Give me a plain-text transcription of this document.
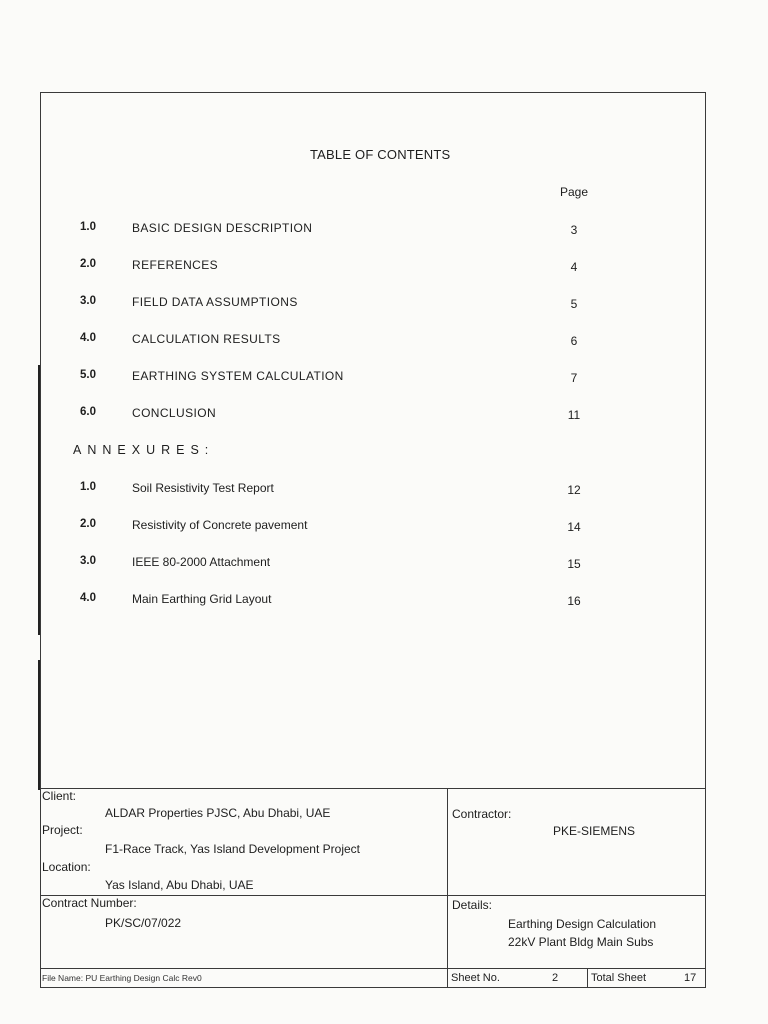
TABLE OF CONTENTS
Page
1.0	BASIC DESIGN DESCRIPTION	3
2.0	REFERENCES	4
3.0	FIELD DATA ASSUMPTIONS	5
4.0	CALCULATION RESULTS	6
5.0	EARTHING SYSTEM CALCULATION	7
6.0	CONCLUSION	11
ANNEXURES:
1.0	Soil Resistivity Test Report	12
2.0	Resistivity of Concrete pavement	14
3.0	IEEE 80-2000 Attachment	15
4.0	Main Earthing Grid Layout	16
Client:
ALDAR Properties PJSC, Abu Dhabi, UAE
Project:
F1-Race Track, Yas Island Development Project
Location:
Yas Island, Abu Dhabi, UAE
Contract Number:
PK/SC/07/022
Contractor:
PKE-SIEMENS
Details:
Earthing Design Calculation
22kV Plant Bldg Main Subs
File Name: PU Earthing Design Calc Rev0	Sheet No.	2	Total Sheet	17
